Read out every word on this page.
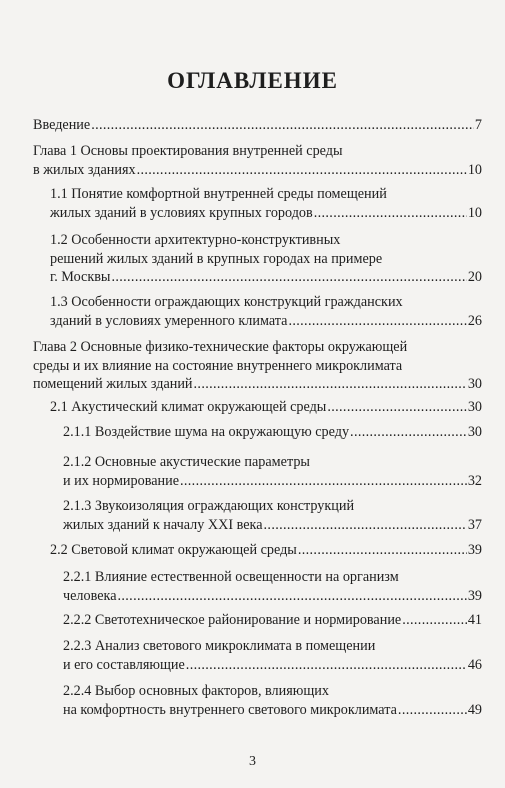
ОГЛАВЛЕНИЕ
Введение . . .	7
Глава 1 Основы проектирования внутренней среды
в жилых зданиях . . .	10
1.1 Понятие комфортной внутренней среды помещений
жилых зданий в условиях крупных городов . . .	10
1.2 Особенности архитектурно-конструктивных
решений жилых зданий в крупных городах на примере
г. Москвы . . .	20
1.3 Особенности ограждающих конструкций гражданских
зданий в условиях умеренного климата . . .	26
Глава 2 Основные физико-технические факторы окружающей
среды и их влияние на состояние внутреннего микроклимата
помещений жилых зданий . . .	30
2.1 Акустический климат окружающей среды . . .	30
2.1.1 Воздействие шума на окружающую среду . . .	30
2.1.2 Основные акустические параметры
и их нормирование . . .	32
2.1.3 Звукоизоляция ограждающих конструкций
жилых зданий к началу XXI века . . .	37
2.2 Световой климат окружающей среды . . .	39
2.2.1 Влияние естественной освещенности на организм
человека . . .	39
2.2.2 Светотехническое районирование и нормирование . . .	41
2.2.3 Анализ светового микроклимата в помещении
и его составляющие . . .	46
2.2.4 Выбор основных факторов, влияющих
на комфортность внутреннего светового микроклимата . . .	49
3
